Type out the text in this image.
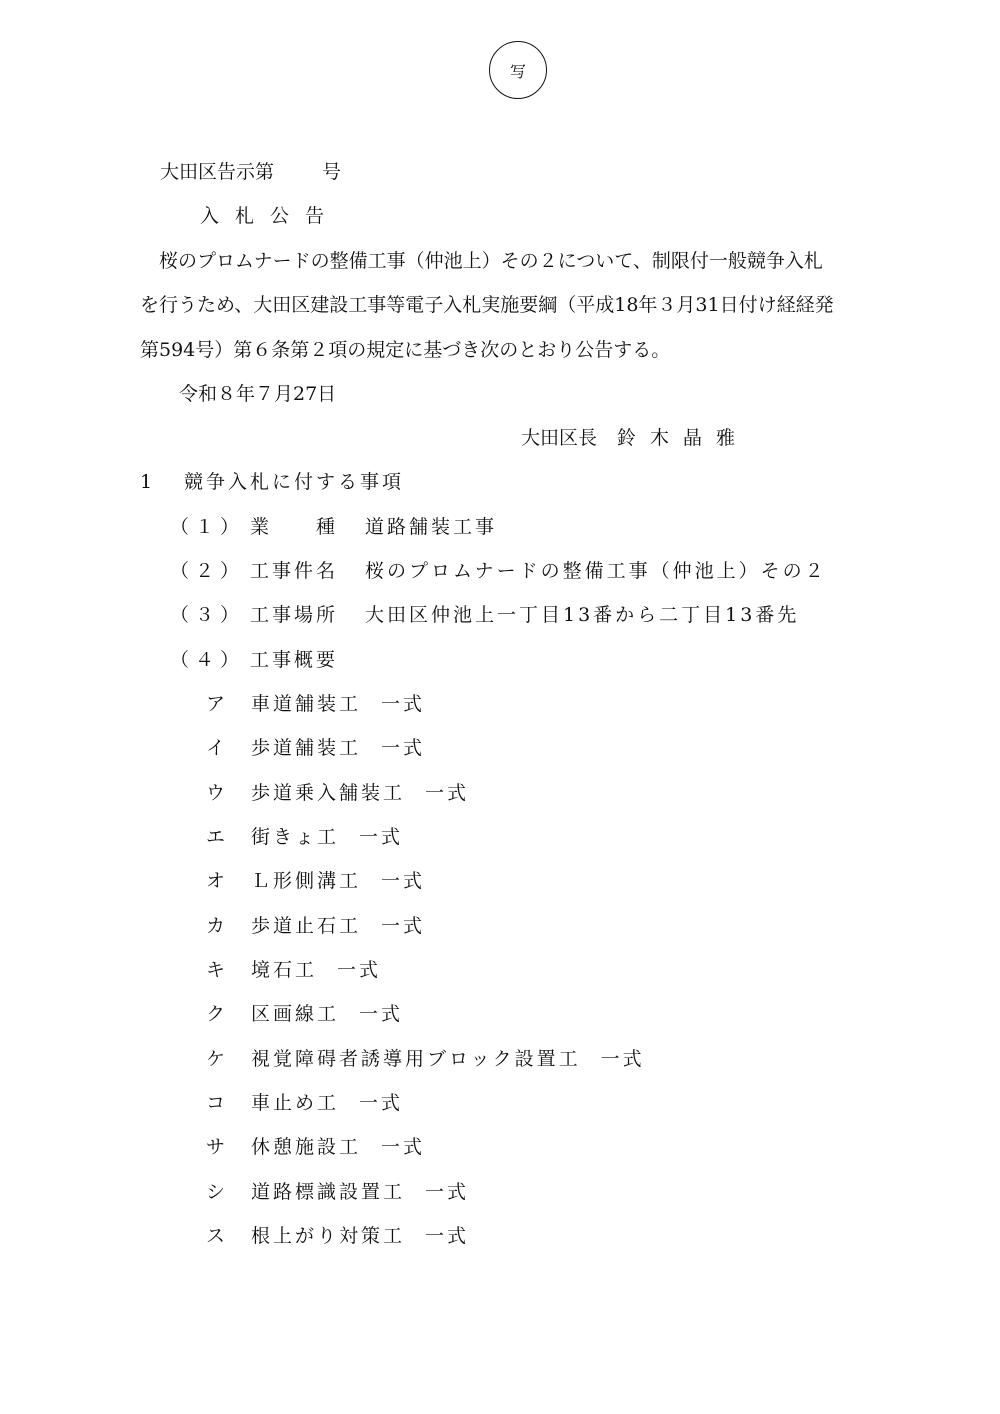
写
大田区告示第	号
入札公告
桜のプロムナードの整備工事（仲池上）その２について、制限付一般競争入札
を行うため、大田区建設工事等電子入札実施要綱（平成18年３月31日付け経経発
第594号）第６条第２項の規定に基づき次のとおり公告する。
令和８年７月27日
大田区長 鈴木晶雅
1 競争入札に付する事項
（１） 業　　種 道路舗装工事
（２） 工事件名 桜のプロムナードの整備工事（仲池上）その２
（３） 工事場所 大田区仲池上一丁目13番から二丁目13番先
（４） 工事概要
ア 車道舗装工 一式
イ 歩道舗装工 一式
ウ 歩道乗入舗装工 一式
エ 街きょ工 一式
オ Ｌ形側溝工 一式
カ 歩道止石工 一式
キ 境石工 一式
ク 区画線工 一式
ケ 視覚障碍者誘導用ブロック設置工 一式
コ 車止め工 一式
サ 休憩施設工 一式
シ 道路標識設置工 一式
ス 根上がり対策工 一式
